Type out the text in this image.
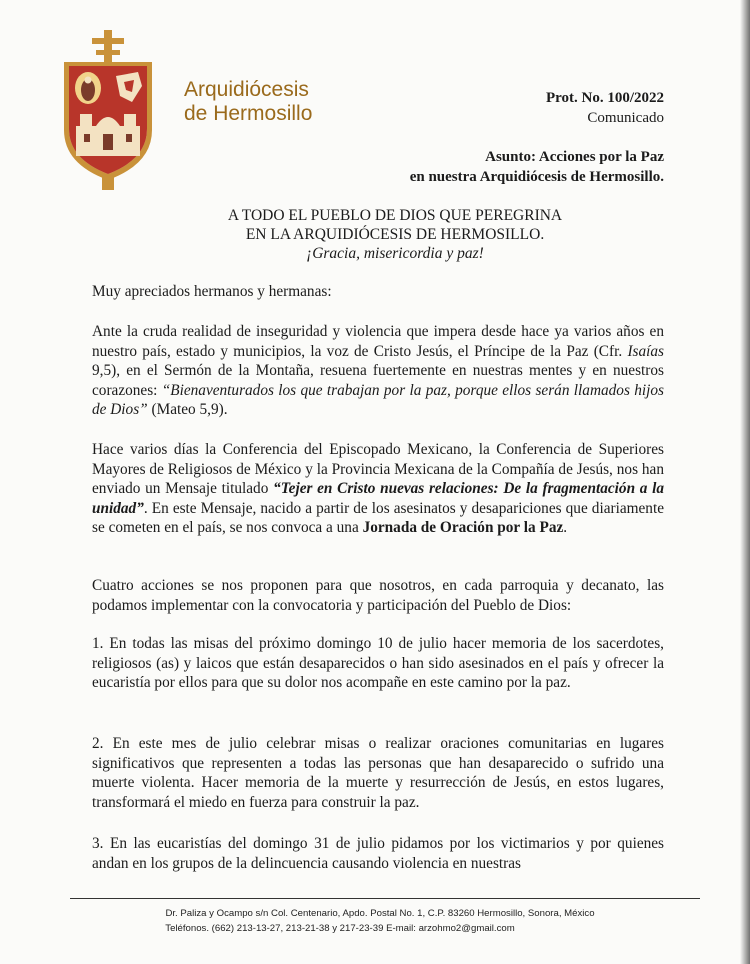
Arquidiócesis
de Hermosillo
Prot. No. 100/2022
Comunicado
Asunto: Acciones por la Paz
en nuestra Arquidiócesis de Hermosillo.
A TODO EL PUEBLO DE DIOS QUE PEREGRINA
EN LA ARQUIDIÓCESIS DE HERMOSILLO.
¡Gracia, misericordia y paz!

Muy apreciados hermanos y hermanas:

Ante la cruda realidad de inseguridad y violencia que impera desde hace ya varios años en nuestro país, estado y municipios, la voz de Cristo Jesús, el Príncipe de la Paz (Cfr. Isaías 9,5), en el Sermón de la Montaña, resuena fuertemente en nuestras mentes y en nuestros corazones: “Bienaventurados los que trabajan por la paz, porque ellos serán llamados hijos de Dios” (Mateo 5,9).

Hace varios días la Conferencia del Episcopado Mexicano, la Conferencia de Superiores Mayores de Religiosos de México y la Provincia Mexicana de la Compañía de Jesús, nos han enviado un Mensaje titulado “Tejer en Cristo nuevas relaciones: De la fragmentación a la unidad”. En este Mensaje, nacido a partir de los asesinatos y desapariciones que diariamente se cometen en el país, se nos convoca a una Jornada de Oración por la Paz.

Cuatro acciones se nos proponen para que nosotros, en cada parroquia y decanato, las podamos implementar con la convocatoria y participación del Pueblo de Dios:

1. En todas las misas del próximo domingo 10 de julio hacer memoria de los sacerdotes, religiosos (as) y laicos que están desaparecidos o han sido asesinados en el país y ofrecer la eucaristía por ellos para que su dolor nos acompañe en este camino por la paz.

2. En este mes de julio celebrar misas o realizar oraciones comunitarias en lugares significativos que representen a todas las personas que han desaparecido o sufrido una muerte violenta. Hacer memoria de la muerte y resurrección de Jesús, en estos lugares, transformará el miedo en fuerza para construir la paz.

3. En las eucaristías del domingo 31 de julio pidamos por los victimarios y por quienes andan en los grupos de la delincuencia causando violencia en nuestras

Dr. Paliza y Ocampo s/n Col. Centenario, Apdo. Postal No. 1, C.P. 83260 Hermosillo, Sonora, México
Teléfonos. (662) 213-13-27, 213-21-38 y 217-23-39 E-mail: arzohmo2@gmail.com
